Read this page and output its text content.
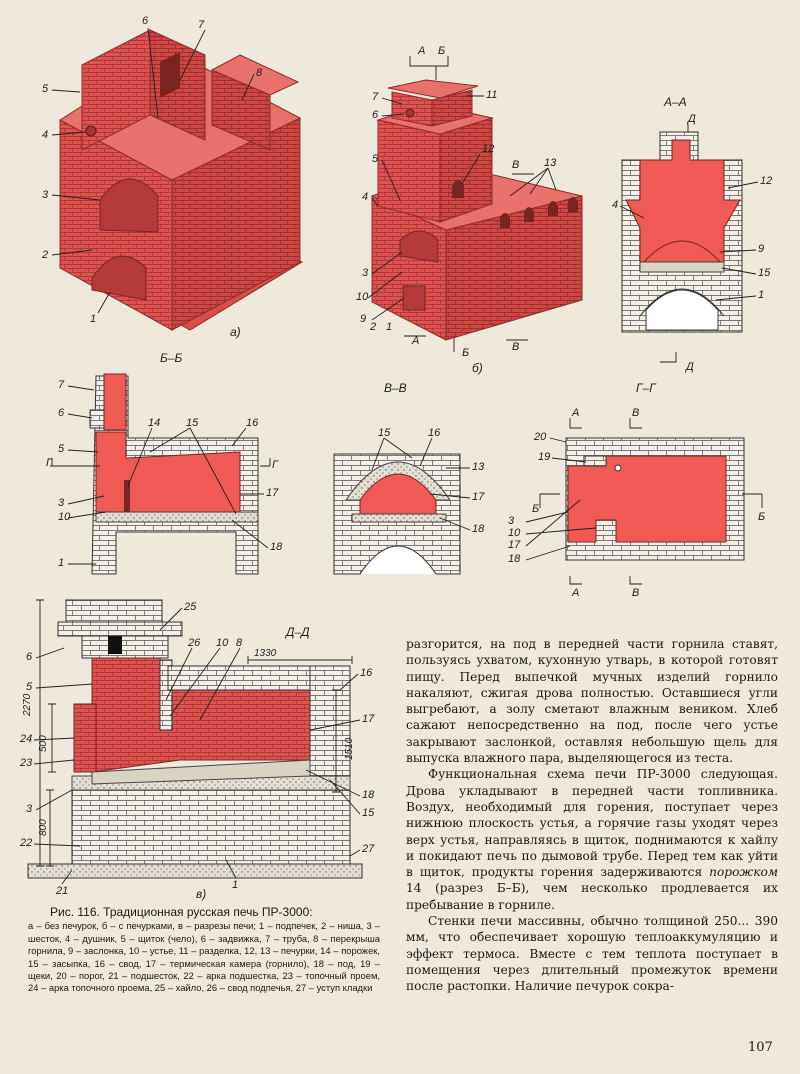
а)
5
4
3
2
1
6	7
8
б)
А Б
А
Б	В
В
7
6
11
5
4
12
13
3
10
9
2 1
А–А
Д
Д
4
12
9
15
1
Б–Б
Г	Г
7
6
5
3
10
1
14 15	16
17
18
В–В
15	16
13
17
18
Г–Г
А	В
А	В
Б
Б
20
19
3
10
17
18
Д–Д
2270
500
800
1330
1510
в)
25
6
5
24
23
3
22
21	1
26 10 8
16
17
18
15
27
Рис. 116. Традиционная русская печь ПР-3000:
а – без печурок, б – с печурками, в – разрезы печи; 1 – подпечек, 2 – ниша, 3 – шесток, 4 – душник, 5 – щиток (чело), 6 – задвижка, 7 – труба, 8 – перекрыша горнила, 9 – заслонка, 10 – устье, 11 – разделка, 12, 13 – печурки, 14 – порожек, 15 – засыпка, 16 – свод, 17 – термическая камера (горнило), 18 – под, 19 – щеки, 20 – порог, 21 – подшесток, 22 – арка подшестка, 23 – топочный проем, 24 – арка топочного проема, 25 – хайло, 26 – свод подпечья, 27 – уступ кладки

разгорится, на под в передней части горнила ставят, пользуясь ухватом, кухонную утварь, в которой готовят пищу. Перед выпечкой мучных изделий горнило накаляют, сжигая дрова полностью. Оставшиеся угли выгребают, а золу сметают влажным веником. Хлеб сажают непосредственно на под, после чего устье закрывают заслонкой, оставляя небольшую щель для выпуска влажного пара, выделяющегося из теста.

Функциональная схема печи ПР-3000 следующая. Дрова укладывают в передней части топливника. Воздух, необходимый для горения, поступает через нижнюю плоскость устья, а горячие газы уходят через верх устья, направляясь в щиток, поднимаются к хайлу и покидают печь по дымовой трубе. Перед тем как уйти в щиток, продукты горения задерживаются порожком 14 (разрез Б–Б), чем несколько продлевается их пребывание в горниле.

Стенки печи массивны, обычно толщиной 250... 390 мм, что обеспечивает хорошую теплоаккумуляцию и эффект термоса. Вместе с тем теплота поступает в помещения через длительный промежуток времени после растопки. Наличие печурок сокра-

107
